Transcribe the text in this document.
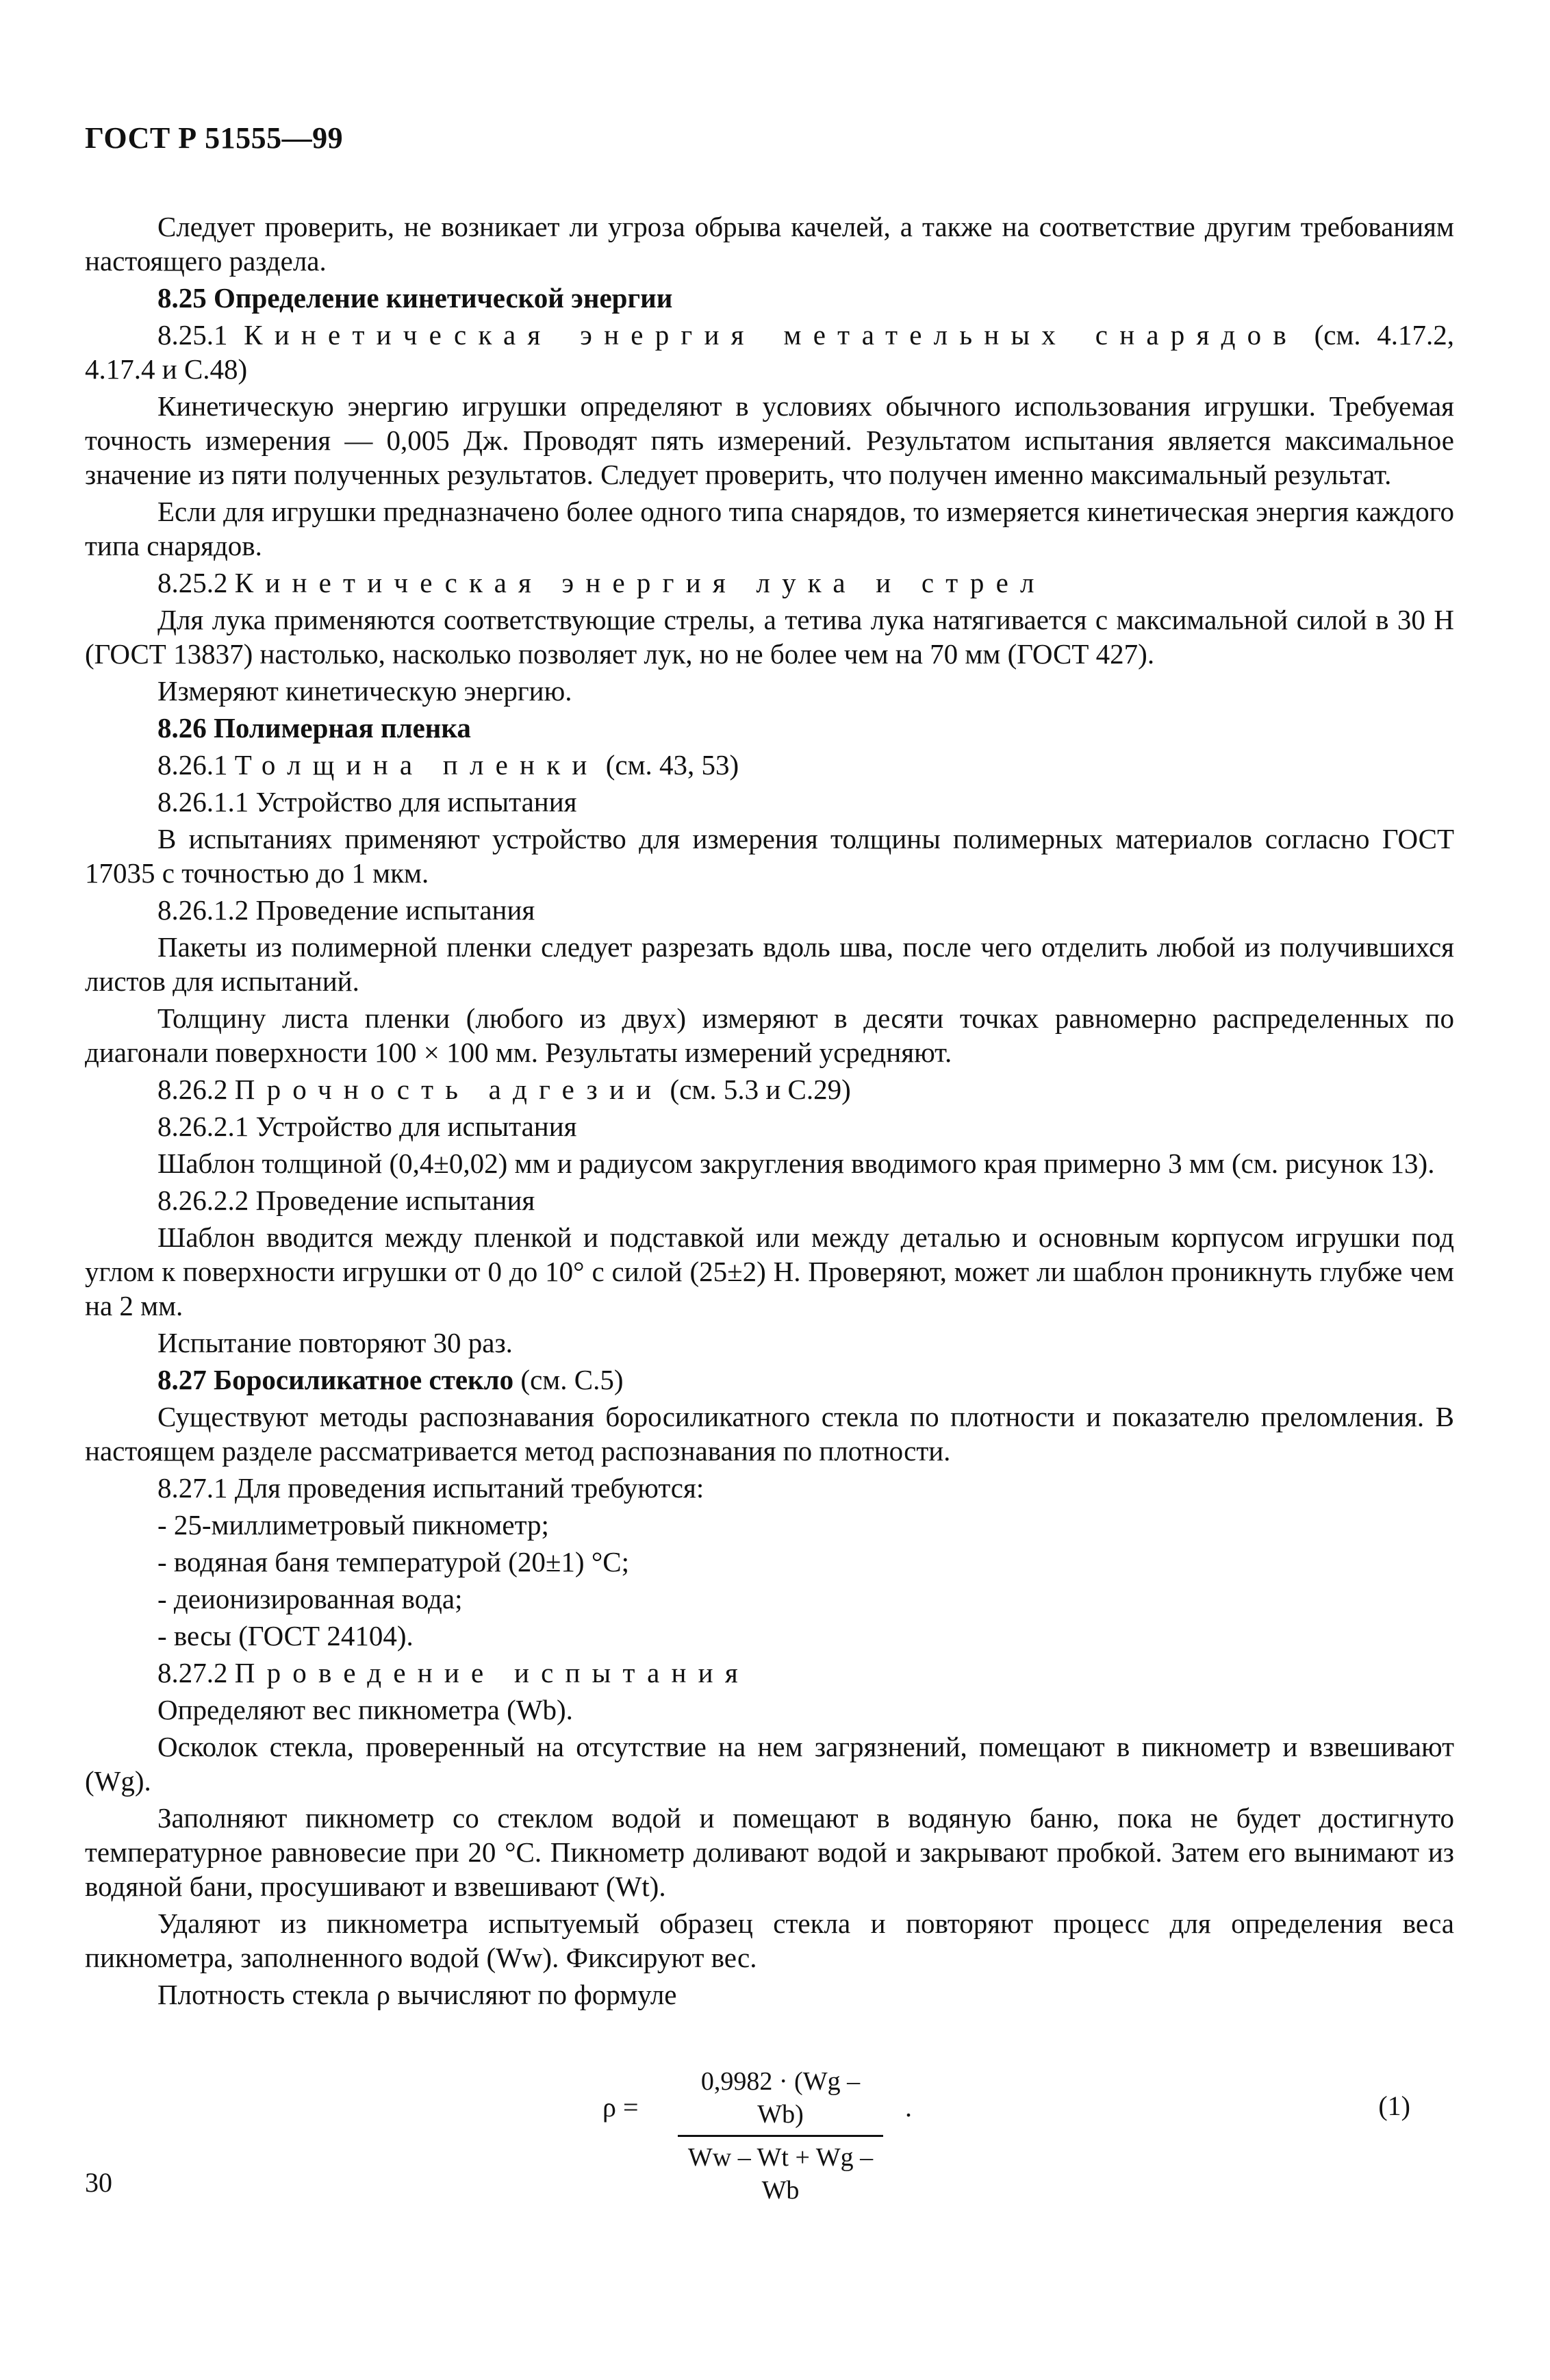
ГОСТ Р 51555—99

Следует проверить, не возникает ли угроза обрыва качелей, а также на соответствие другим требованиям настоящего раздела.

8.25 Определение кинетической энергии

8.25.1 Кинетическая энергия метательных снарядов (см. 4.17.2, 4.17.4 и С.48)

Кинетическую энергию игрушки определяют в условиях обычного использования игрушки. Требуемая точность измерения — 0,005 Дж. Проводят пять измерений. Результатом испытания является максимальное значение из пяти полученных результатов. Следует проверить, что получен именно максимальный результат.

Если для игрушки предназначено более одного типа снарядов, то измеряется кинетическая энергия каждого типа снарядов.

8.25.2 Кинетическая энергия лука и стрел

Для лука применяются соответствующие стрелы, а тетива лука натягивается с максимальной силой в 30 Н (ГОСТ 13837) настолько, насколько позволяет лук, но не более чем на 70 мм (ГОСТ 427).

Измеряют кинетическую энергию.

8.26 Полимерная пленка

8.26.1 Толщина пленки (см. 43, 53)

8.26.1.1 Устройство для испытания

В испытаниях применяют устройство для измерения толщины полимерных материалов согласно ГОСТ 17035 с точностью до 1 мкм.

8.26.1.2 Проведение испытания

Пакеты из полимерной пленки следует разрезать вдоль шва, после чего отделить любой из получившихся листов для испытаний.

Толщину листа пленки (любого из двух) измеряют в десяти точках равномерно распределенных по диагонали поверхности 100 × 100 мм. Результаты измерений усредняют.

8.26.2 Прочность адгезии (см. 5.3 и С.29)

8.26.2.1 Устройство для испытания

Шаблон толщиной (0,4±0,02) мм и радиусом закругления вводимого края примерно 3 мм (см. рисунок 13).

8.26.2.2 Проведение испытания

Шаблон вводится между пленкой и подставкой или между деталью и основным корпусом игрушки под углом к поверхности игрушки от 0 до 10° с силой (25±2) Н. Проверяют, может ли шаблон проникнуть глубже чем на 2 мм.

Испытание повторяют 30 раз.

8.27 Боросиликатное стекло (см. С.5)

Существуют методы распознавания боросиликатного стекла по плотности и показателю преломления. В настоящем разделе рассматривается метод распознавания по плотности.

8.27.1 Для проведения испытаний требуются:

- 25-миллиметровый пикнометр;
- водяная баня температурой (20±1) °С;
- деионизированная вода;
- весы (ГОСТ 24104).

8.27.2 Проведение испытания

Определяют вес пикнометра (Wb).

Осколок стекла, проверенный на отсутствие на нем загрязнений, помещают в пикнометр и взвешивают (Wg).

Заполняют пикнометр со стеклом водой и помещают в водяную баню, пока не будет достигнуто температурное равновесие при 20 °С. Пикнометр доливают водой и закрывают пробкой. Затем его вынимают из водяной бани, просушивают и взвешивают (Wt).

Удаляют из пикнометра испытуемый образец стекла и повторяют процесс для определения веса пикнометра, заполненного водой (Ww). Фиксируют вес.

Плотность стекла ρ вычисляют по формуле

ρ =
0,9982 · (Wg – Wb)
Ww – Wt + Wg – Wb
.	(1)
30
